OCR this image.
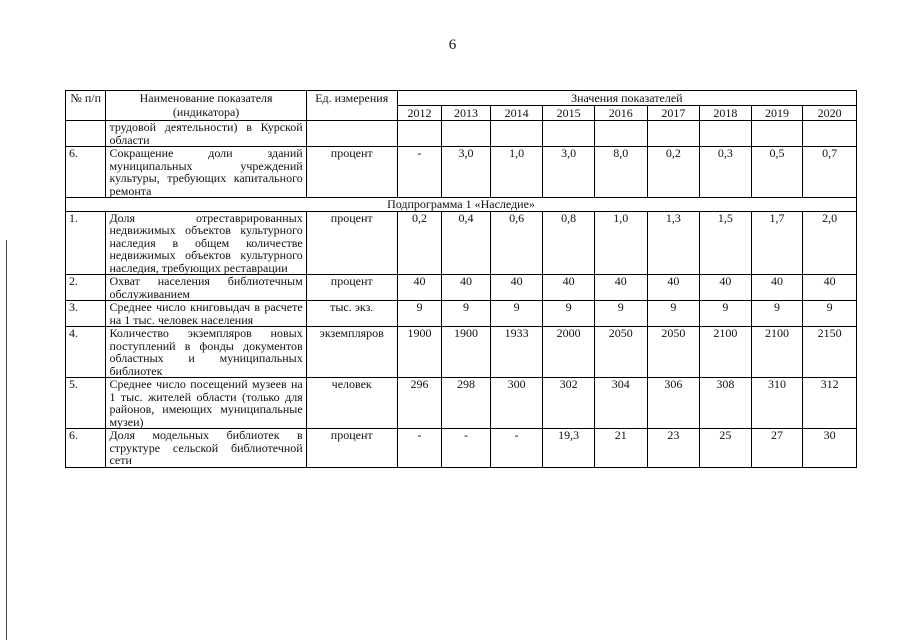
6
№ п/п	Наименование показателя (индикатора)	Ед. измерения	Значения показателей								
			2012	2013	2014	2015	2016	2017	2018	2019	2020
	трудовой деятельности) в Курской области										
6.	Сокращение доли зданий муниципальных учреждений культуры, требующих капитального ремонта	процент	-	3,0	1,0	3,0	8,0	0,2	0,3	0,5	0,7
Подпрограмма 1 «Наследие»											
1.	Доля отреставрированных недвижимых объектов культурного наследия в общем количестве недвижимых объектов культурного наследия, требующих реставрации	процент	0,2	0,4	0,6	0,8	1,0	1,3	1,5	1,7	2,0
2.	Охват населения библиотечным обслуживанием	процент	40	40	40	40	40	40	40	40	40
3.	Среднее число книговыдач в расчете на 1 тыс. человек населения	тыс. экз.	9	9	9	9	9	9	9	9	9
4.	Количество экземпляров новых поступлений в фонды документов областных и муниципальных библиотек	экземпляров	1900	1900	1933	2000	2050	2050	2100	2100	2150
5.	Среднее число посещений музеев на 1 тыс. жителей области (только для районов, имеющих муниципальные музеи)	человек	296	298	300	302	304	306	308	310	312
6.	Доля модельных библиотек в структуре сельской библиотечной сети	процент	-	-	-	19,3	21	23	25	27	30
